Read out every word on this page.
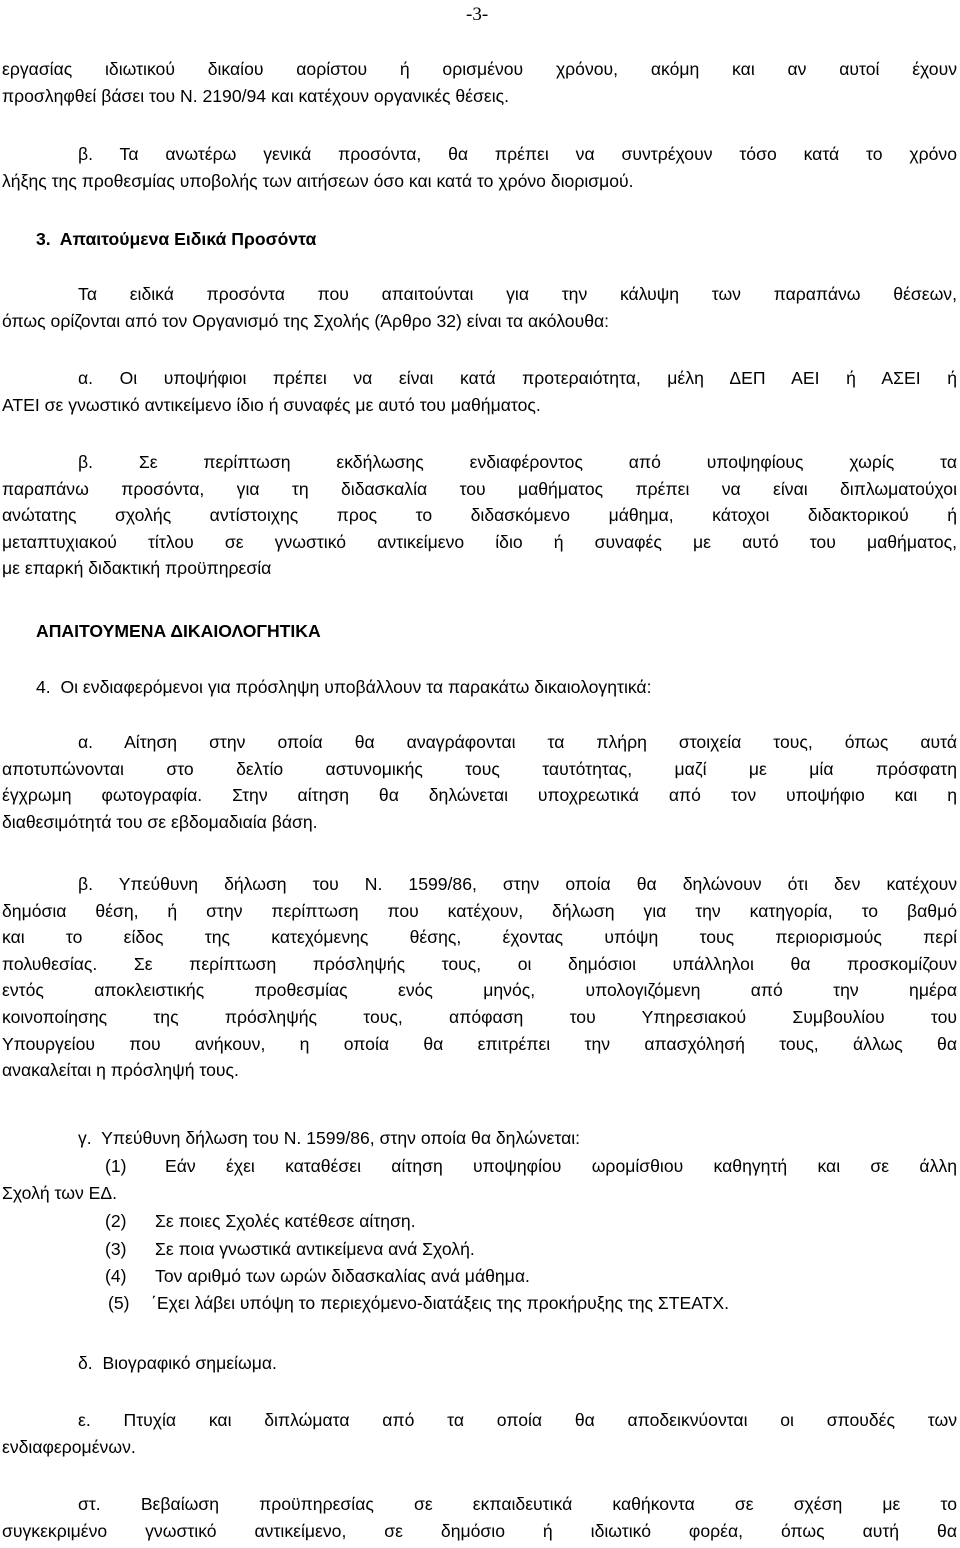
-3-
εργασίας ιδιωτικού δικαίου αορίστου ή ορισμένου χρόνου, ακόμη και αν αυτοί έχουν
προσληφθεί βάσει του Ν. 2190/94 και κατέχουν οργανικές θέσεις.
β. Τα ανωτέρω γενικά προσόντα, θα πρέπει να συντρέχουν τόσο κατά το χρόνο
λήξης της προθεσμίας υποβολής των αιτήσεων όσο και κατά το χρόνο διορισμού.
3.  Απαιτούμενα Ειδικά Προσόντα
Τα ειδικά προσόντα που απαιτούνται για την κάλυψη των παραπάνω θέσεων,
όπως ορίζονται από τον Οργανισμό της Σχολής (Άρθρο 32) είναι τα ακόλουθα:
α. Οι υποψήφιοι πρέπει να είναι κατά προτεραιότητα, μέλη ΔΕΠ ΑΕΙ ή ΑΣΕΙ ή
ΑΤΕΙ σε γνωστικό αντικείμενο ίδιο ή συναφές με αυτό του μαθήματος.
β. Σε περίπτωση εκδήλωσης ενδιαφέροντος από υποψηφίους χωρίς τα
παραπάνω προσόντα, για τη διδασκαλία του μαθήματος πρέπει να είναι διπλωματούχοι
ανώτατης σχολής αντίστοιχης προς το διδασκόμενο μάθημα, κάτοχοι διδακτορικού ή
μεταπτυχιακού τίτλου σε γνωστικό αντικείμενο ίδιο ή συναφές με αυτό του μαθήματος,
με επαρκή διδακτική προϋπηρεσία
ΑΠΑΙΤΟΥΜΕΝΑ ΔΙΚΑΙΟΛΟΓΗΤΙΚΑ
4.  Οι ενδιαφερόμενοι για πρόσληψη υποβάλλουν τα παρακάτω δικαιολογητικά:
α. Αίτηση στην οποία θα αναγράφονται τα πλήρη στοιχεία τους, όπως αυτά
αποτυπώνονται στο δελτίο αστυνομικής τους ταυτότητας, μαζί με μία πρόσφατη
έγχρωμη φωτογραφία. Στην αίτηση θα δηλώνεται υποχρεωτικά από τον υποψήφιο και η
διαθεσιμότητά του σε εβδομαδιαία βάση.
β. Υπεύθυνη δήλωση του Ν. 1599/86, στην οποία θα δηλώνουν ότι δεν κατέχουν
δημόσια θέση, ή στην περίπτωση που κατέχουν, δήλωση για την κατηγορία, το βαθμό
και το είδος της κατεχόμενης θέσης, έχοντας υπόψη τους περιορισμούς περί
πολυθεσίας. Σε περίπτωση πρόσληψής τους, οι δημόσιοι υπάλληλοι θα προσκομίζουν
εντός αποκλειστικής προθεσμίας ενός μηνός, υπολογιζόμενη από την ημέρα
κοινοποίησης της πρόσληψής τους, απόφαση του Υπηρεσιακού Συμβουλίου του
Υπουργείου που ανήκουν, η οποία θα επιτρέπει την απασχόλησή τους, άλλως θα
ανακαλείται η πρόσληψή τους.
γ.  Υπεύθυνη δήλωση του Ν. 1599/86, στην οποία θα δηλώνεται:
(1) Εάν έχει καταθέσει αίτηση υποψηφίου ωρομίσθιου καθηγητή και σε άλλη
Σχολή των ΕΔ.
(2) Σε ποιες Σχολές κατέθεσε αίτηση.
(3) Σε ποια γνωστικά αντικείμενα ανά Σχολή.
(4) Τον αριθμό των ωρών διδασκαλίας ανά μάθημα.
(5) ΄Εχει λάβει υπόψη το περιεχόμενο-διατάξεις της προκήρυξης της ΣΤΕΑΤΧ.
δ.  Βιογραφικό σημείωμα.
ε. Πτυχία και διπλώματα από τα οποία θα αποδεικνύονται οι σπουδές των
ενδιαφερομένων.
στ. Βεβαίωση προϋπηρεσίας σε εκπαιδευτικά καθήκοντα σε σχέση με το
συγκεκριμένο γνωστικό αντικείμενο, σε δημόσιο ή ιδιωτικό φορέα, όπως αυτή θα
